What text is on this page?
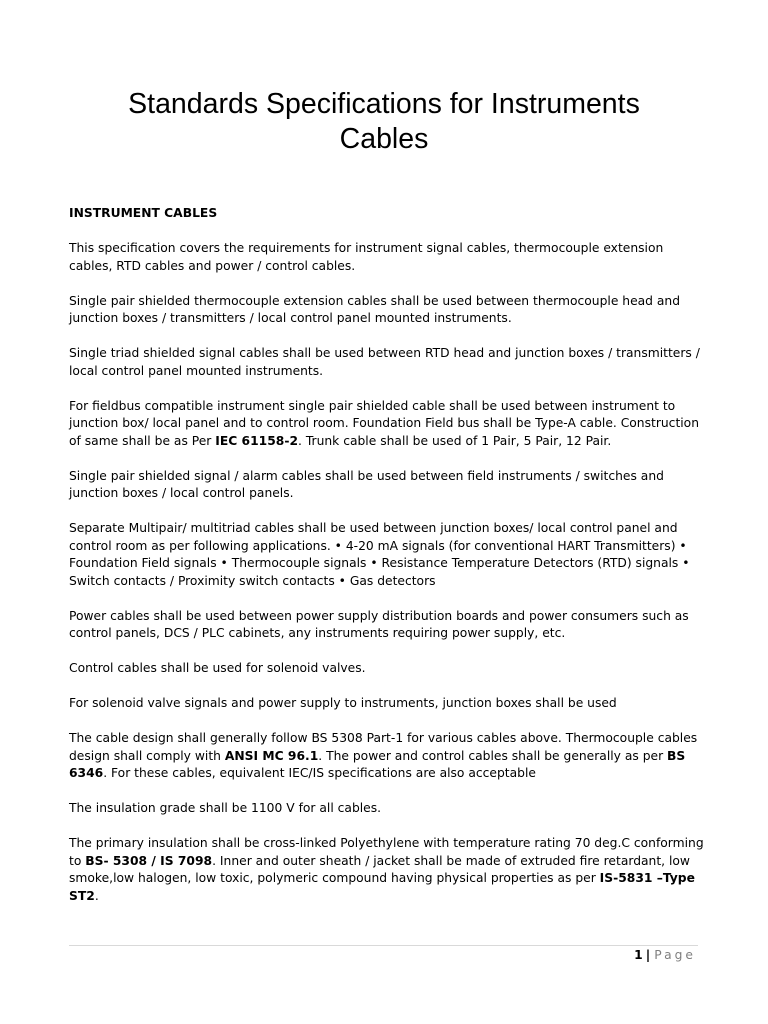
Standards Specifications for Instruments
Cables

INSTRUMENT CABLES

This specification covers the requirements for instrument signal cables, thermocouple extension cables, RTD cables and power / control cables.

Single pair shielded thermocouple extension cables shall be used between thermocouple head and junction boxes / transmitters / local control panel mounted instruments.

Single triad shielded signal cables shall be used between RTD head and junction boxes / transmitters / local control panel mounted instruments.

For fieldbus compatible instrument single pair shielded cable shall be used between instrument to junction box/ local panel and to control room. Foundation Field bus shall be Type-A cable. Construction of same shall be as Per IEC 61158-2. Trunk cable shall be used of 1 Pair, 5 Pair, 12 Pair.

Single pair shielded signal / alarm cables shall be used between field instruments / switches and junction boxes / local control panels.

Separate Multipair/ multitriad cables shall be used between junction boxes/ local control panel and control room as per following applications. • 4-20 mA signals (for conventional HART Transmitters) • Foundation Field signals • Thermocouple signals • Resistance Temperature Detectors (RTD) signals • Switch contacts / Proximity switch contacts • Gas detectors

Power cables shall be used between power supply distribution boards and power consumers such as control panels, DCS / PLC cabinets, any instruments requiring power supply, etc.

Control cables shall be used for solenoid valves.

For solenoid valve signals and power supply to instruments, junction boxes shall be used

The cable design shall generally follow BS 5308 Part-1 for various cables above. Thermocouple cables design shall comply with ANSI MC 96.1. The power and control cables shall be generally as per BS 6346. For these cables, equivalent IEC/IS specifications are also acceptable

The insulation grade shall be 1100 V for all cables.

The primary insulation shall be cross-linked Polyethylene with temperature rating 70 deg.C conforming to BS- 5308 / IS 7098. Inner and outer sheath / jacket shall be made of extruded fire retardant, low smoke,low halogen, low toxic, polymeric compound having physical properties as per IS-5831 –Type ST2.

1 | Page
